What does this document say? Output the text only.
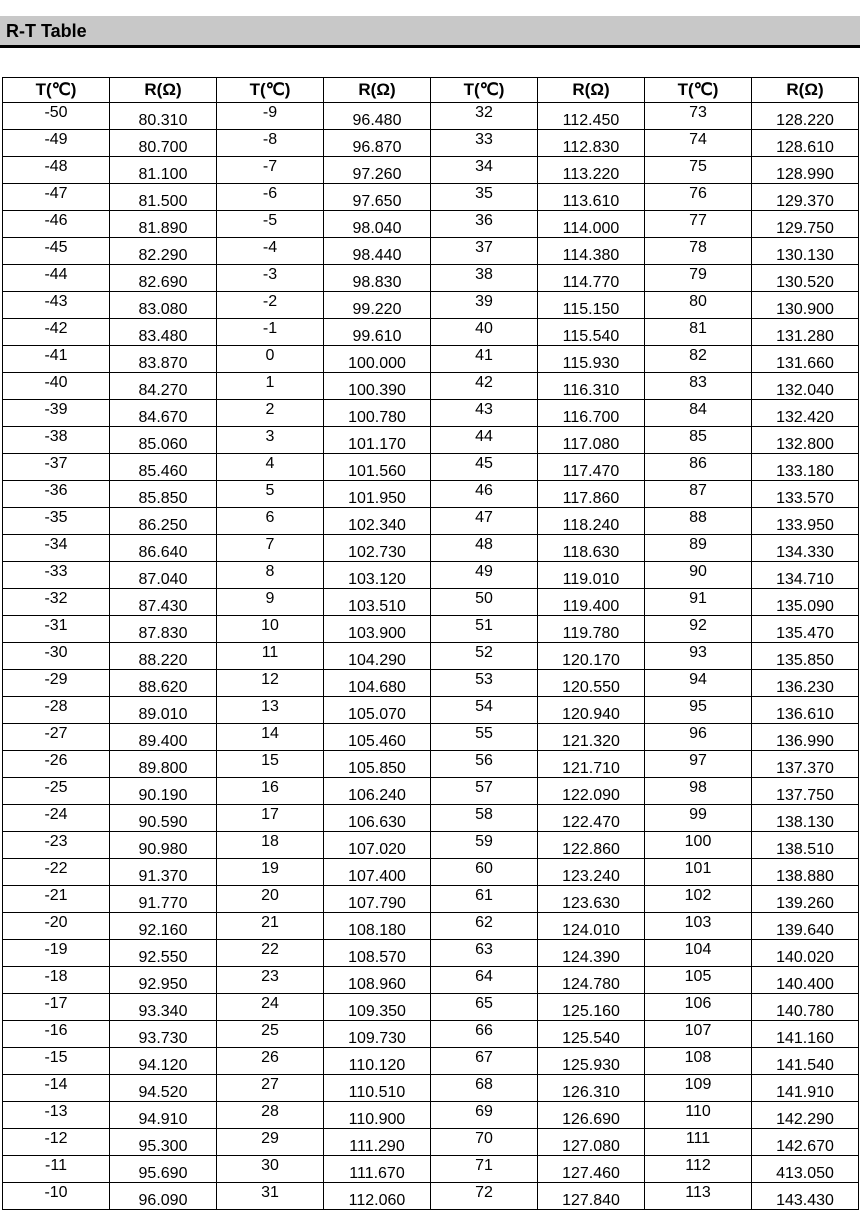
R-T Table
T(℃)	R(Ω)	T(℃)	R(Ω)	T(℃)	R(Ω)	T(℃)	R(Ω)
-50	80.310	-9	96.480	32	112.450	73	128.220
-49	80.700	-8	96.870	33	112.830	74	128.610
-48	81.100	-7	97.260	34	113.220	75	128.990
-47	81.500	-6	97.650	35	113.610	76	129.370
-46	81.890	-5	98.040	36	114.000	77	129.750
-45	82.290	-4	98.440	37	114.380	78	130.130
-44	82.690	-3	98.830	38	114.770	79	130.520
-43	83.080	-2	99.220	39	115.150	80	130.900
-42	83.480	-1	99.610	40	115.540	81	131.280
-41	83.870	0	100.000	41	115.930	82	131.660
-40	84.270	1	100.390	42	116.310	83	132.040
-39	84.670	2	100.780	43	116.700	84	132.420
-38	85.060	3	101.170	44	117.080	85	132.800
-37	85.460	4	101.560	45	117.470	86	133.180
-36	85.850	5	101.950	46	117.860	87	133.570
-35	86.250	6	102.340	47	118.240	88	133.950
-34	86.640	7	102.730	48	118.630	89	134.330
-33	87.040	8	103.120	49	119.010	90	134.710
-32	87.430	9	103.510	50	119.400	91	135.090
-31	87.830	10	103.900	51	119.780	92	135.470
-30	88.220	11	104.290	52	120.170	93	135.850
-29	88.620	12	104.680	53	120.550	94	136.230
-28	89.010	13	105.070	54	120.940	95	136.610
-27	89.400	14	105.460	55	121.320	96	136.990
-26	89.800	15	105.850	56	121.710	97	137.370
-25	90.190	16	106.240	57	122.090	98	137.750
-24	90.590	17	106.630	58	122.470	99	138.130
-23	90.980	18	107.020	59	122.860	100	138.510
-22	91.370	19	107.400	60	123.240	101	138.880
-21	91.770	20	107.790	61	123.630	102	139.260
-20	92.160	21	108.180	62	124.010	103	139.640
-19	92.550	22	108.570	63	124.390	104	140.020
-18	92.950	23	108.960	64	124.780	105	140.400
-17	93.340	24	109.350	65	125.160	106	140.780
-16	93.730	25	109.730	66	125.540	107	141.160
-15	94.120	26	110.120	67	125.930	108	141.540
-14	94.520	27	110.510	68	126.310	109	141.910
-13	94.910	28	110.900	69	126.690	110	142.290
-12	95.300	29	111.290	70	127.080	111	142.670
-11	95.690	30	111.670	71	127.460	112	413.050
-10	96.090	31	112.060	72	127.840	113	143.430
